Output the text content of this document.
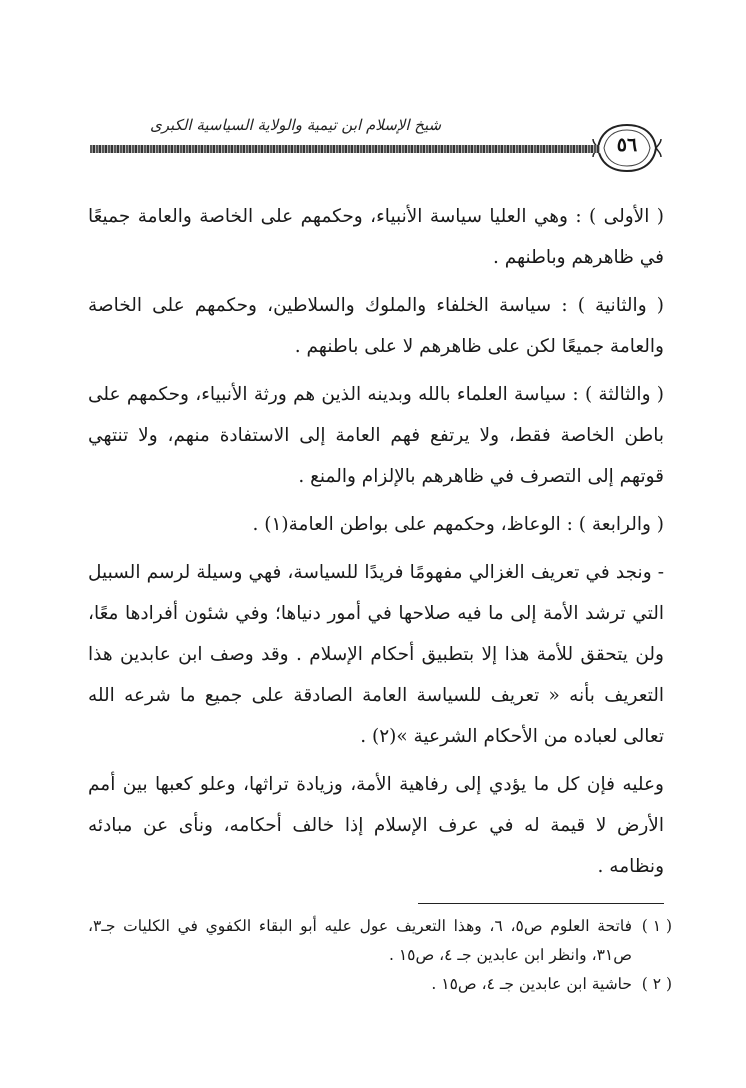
شيخ الإسلام ابن تيمية والولاية السياسية الكبرى
٥٦

( الأولى ) : وهي العليا سياسة الأنبياء، وحكمهم على الخاصة والعامة جميعًا في ظاهرهم وباطنهم .

( والثانية ) : سياسة الخلفاء والملوك والسلاطين، وحكمهم على الخاصة والعامة جميعًا لكن على ظاهرهم لا على باطنهم .

( والثالثة ) : سياسة العلماء بالله وبدينه الذين هم ورثة الأنبياء، وحكمهم على باطن الخاصة فقط، ولا يرتفع فهم العامة إلى الاستفادة منهم، ولا تنتهي قوتهم إلى التصرف في ظاهرهم بالإلزام والمنع .

( والرابعة ) : الوعاظ، وحكمهم على بواطن العامة(١) .

- ونجد في تعريف الغزالي مفهومًا فريدًا للسياسة، فهي وسيلة لرسم السبيل التي ترشد الأمة إلى ما فيه صلاحها في أمور دنياها؛ وفي شئون أفرادها معًا، ولن يتحقق للأمة هذا إلا بتطبيق أحكام الإسلام . وقد وصف ابن عابدين هذا التعريف بأنه « تعريف للسياسة العامة الصادقة على جميع ما شرعه الله تعالى لعباده من الأحكام الشرعية »(٢) .

وعليه فإن كل ما يؤدي إلى رفاهية الأمة، وزيادة تراثها، وعلو كعبها بين أمم الأرض لا قيمة له في عرف الإسلام إذا خالف أحكامه، ونأى عن مبادئه ونظامه .

( ١ )
فاتحة العلوم ص٥، ٦، وهذا التعريف عول عليه أبو البقاء الكفوي في الكليات جـ٣، ص٣١، وانظر ابن عابدين جـ ٤، ص١٥ .
( ٢ )
حاشية ابن عابدين جـ ٤، ص١٥ .
